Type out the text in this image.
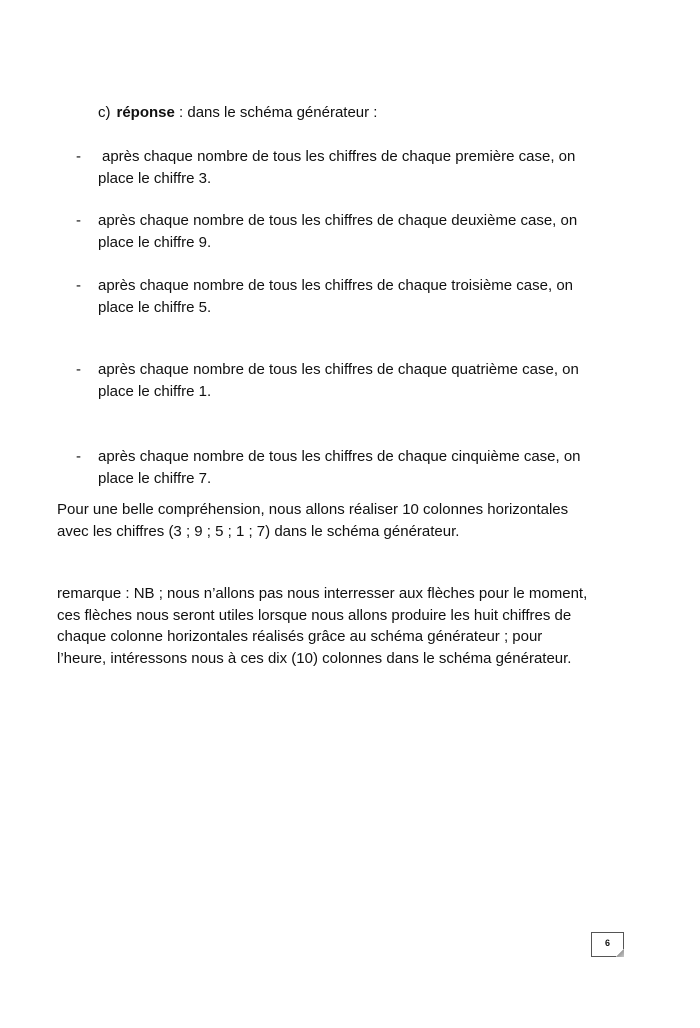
c) réponse : dans le schéma générateur :
- après chaque nombre de tous les chiffres de chaque première case, on
place le chiffre 3.
- après chaque nombre de tous les chiffres de chaque deuxième case, on
place le chiffre 9.
- après chaque nombre de tous les chiffres de chaque troisième case, on
place le chiffre 5.
- après chaque nombre de tous les chiffres de chaque quatrième case, on
place le chiffre 1.
- après chaque nombre de tous les chiffres de chaque cinquième case, on
place le chiffre 7.
Pour une belle compréhension, nous allons réaliser 10 colonnes horizontales
avec les chiffres (3 ; 9 ; 5 ; 1 ; 7) dans le schéma générateur.
remarque : NB ; nous n’allons pas nous interresser aux flèches pour le moment,
ces flèches nous seront utiles lorsque nous allons produire les huit chiffres de
chaque colonne horizontales réalisés grâce au schéma générateur ; pour
l’heure, intéressons nous à ces dix (10) colonnes dans le schéma générateur.
6
